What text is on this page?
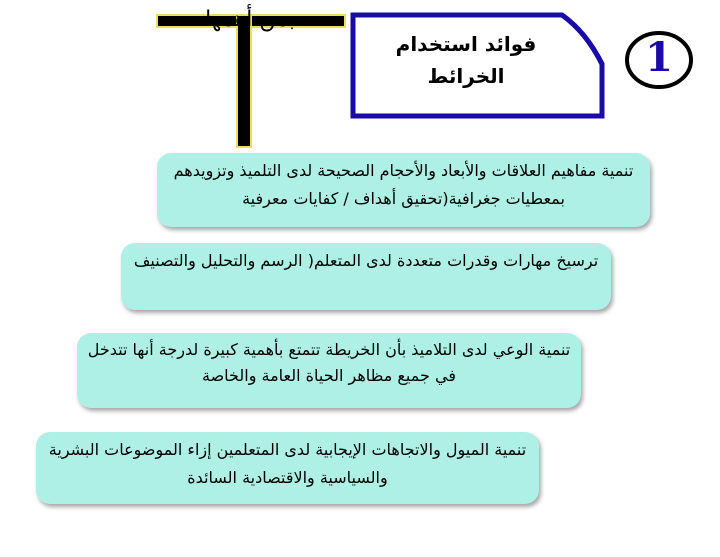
بمن أهمها
فوائد استخدام الخرائط	1
تنمية مفاهيم العلاقات والأبعاد والأحجام الصحيحة لدى التلميذ وتزويدهم بمعطيات جغرافية(تحقيق أهداف / كفايات معرفية
ترسيخ مهارات وقدرات متعددة لدى المتعلم( الرسم والتحليل والتصنيف
تنمية الوعي لدى التلاميذ بأن الخريطة تتمتع بأهمية كبيرة لدرجة أنها تتدخل في جميع مظاهر الحياة العامة والخاصة
تنمية الميول والاتجاهات الإيجابية لدى المتعلمين إزاء الموضوعات البشرية والسياسية والاقتصادية السائدة
